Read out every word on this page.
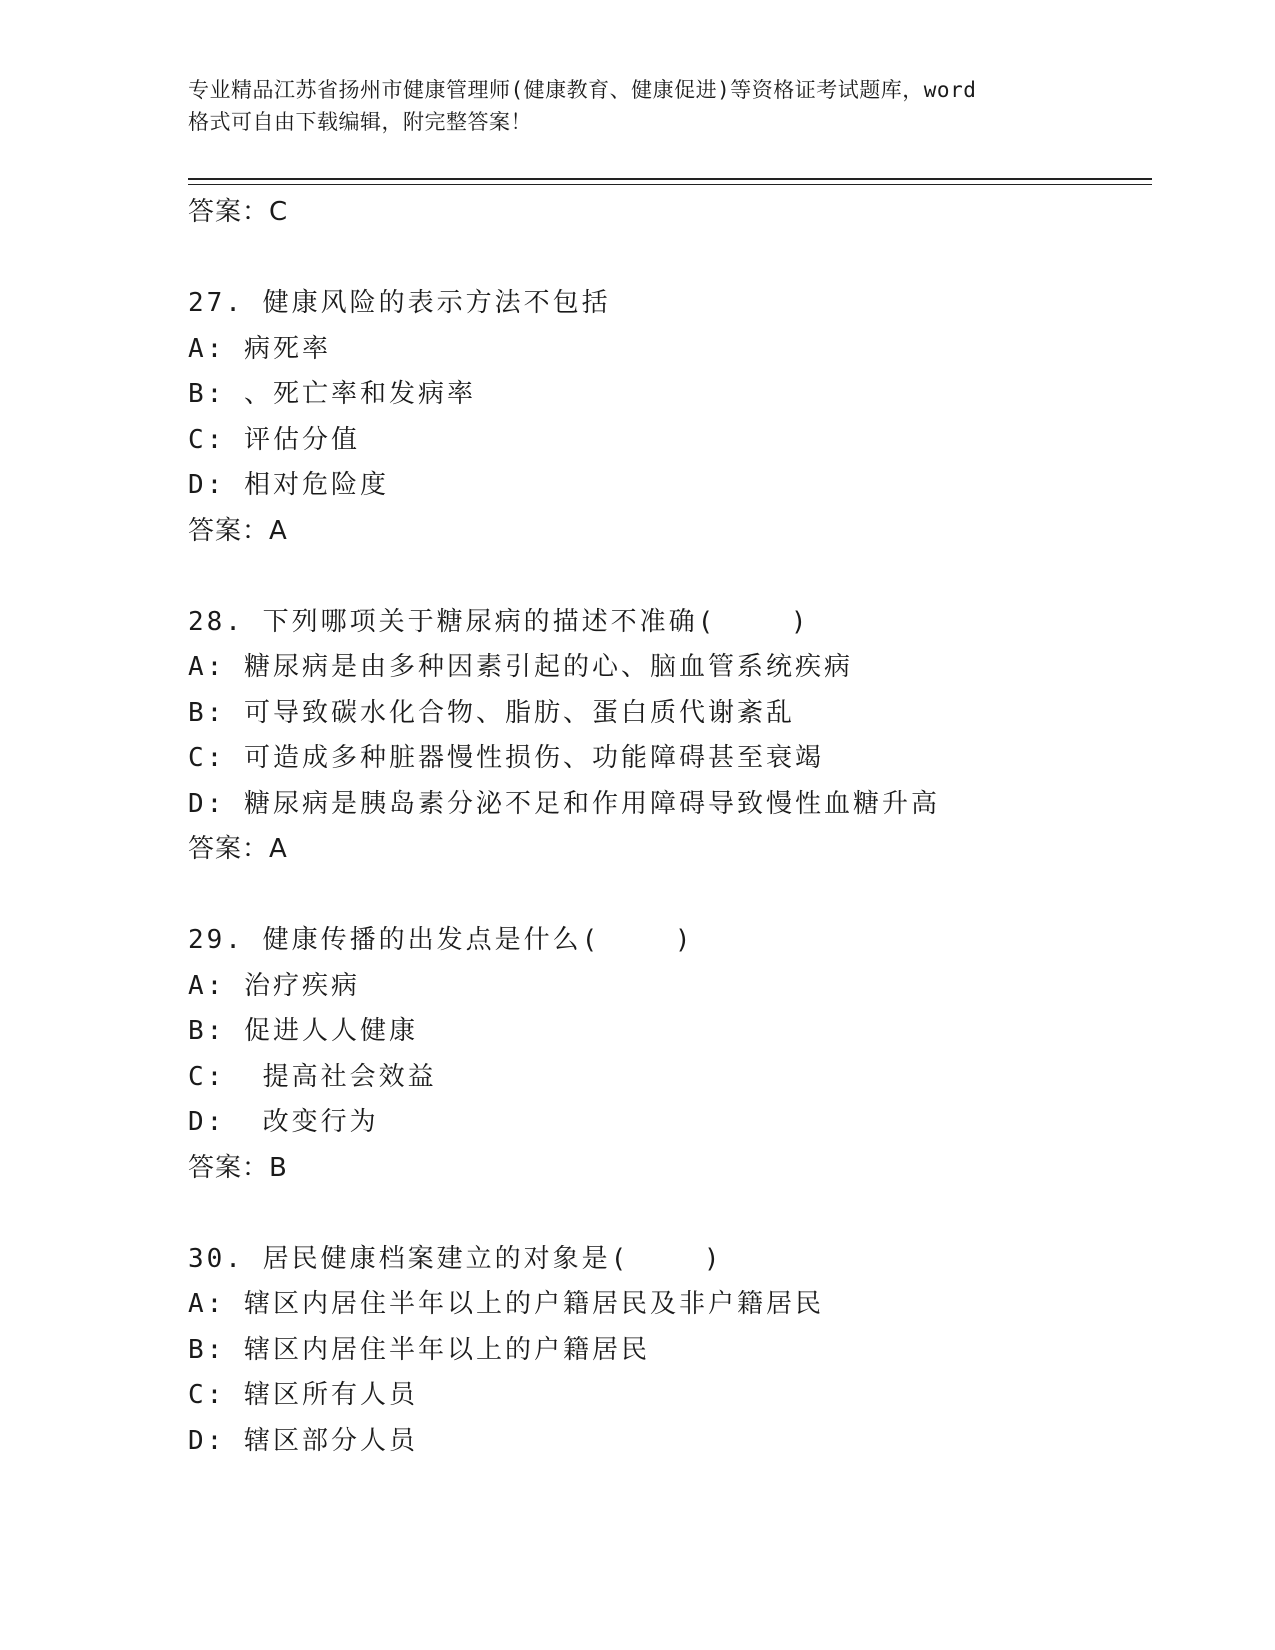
专业精品江苏省扬州市健康管理师(健康教育、健康促进)等资格证考试题库，word
格式可自由下载编辑，附完整答案！
答案：C
27. 健康风险的表示方法不包括
A: 病死率
B: 、死亡率和发病率
C: 评估分值
D: 相对危险度
答案：A
28. 下列哪项关于糖尿病的描述不准确(    )
A: 糖尿病是由多种因素引起的心、脑血管系统疾病
B: 可导致碳水化合物、脂肪、蛋白质代谢紊乱
C: 可造成多种脏器慢性损伤、功能障碍甚至衰竭
D: 糖尿病是胰岛素分泌不足和作用障碍导致慢性血糖升高
答案：A
29. 健康传播的出发点是什么(    )
A: 治疗疾病
B: 促进人人健康
C:  提高社会效益
D:  改变行为
答案：B
30. 居民健康档案建立的对象是(    )
A: 辖区内居住半年以上的户籍居民及非户籍居民
B: 辖区内居住半年以上的户籍居民
C: 辖区所有人员
D: 辖区部分人员
